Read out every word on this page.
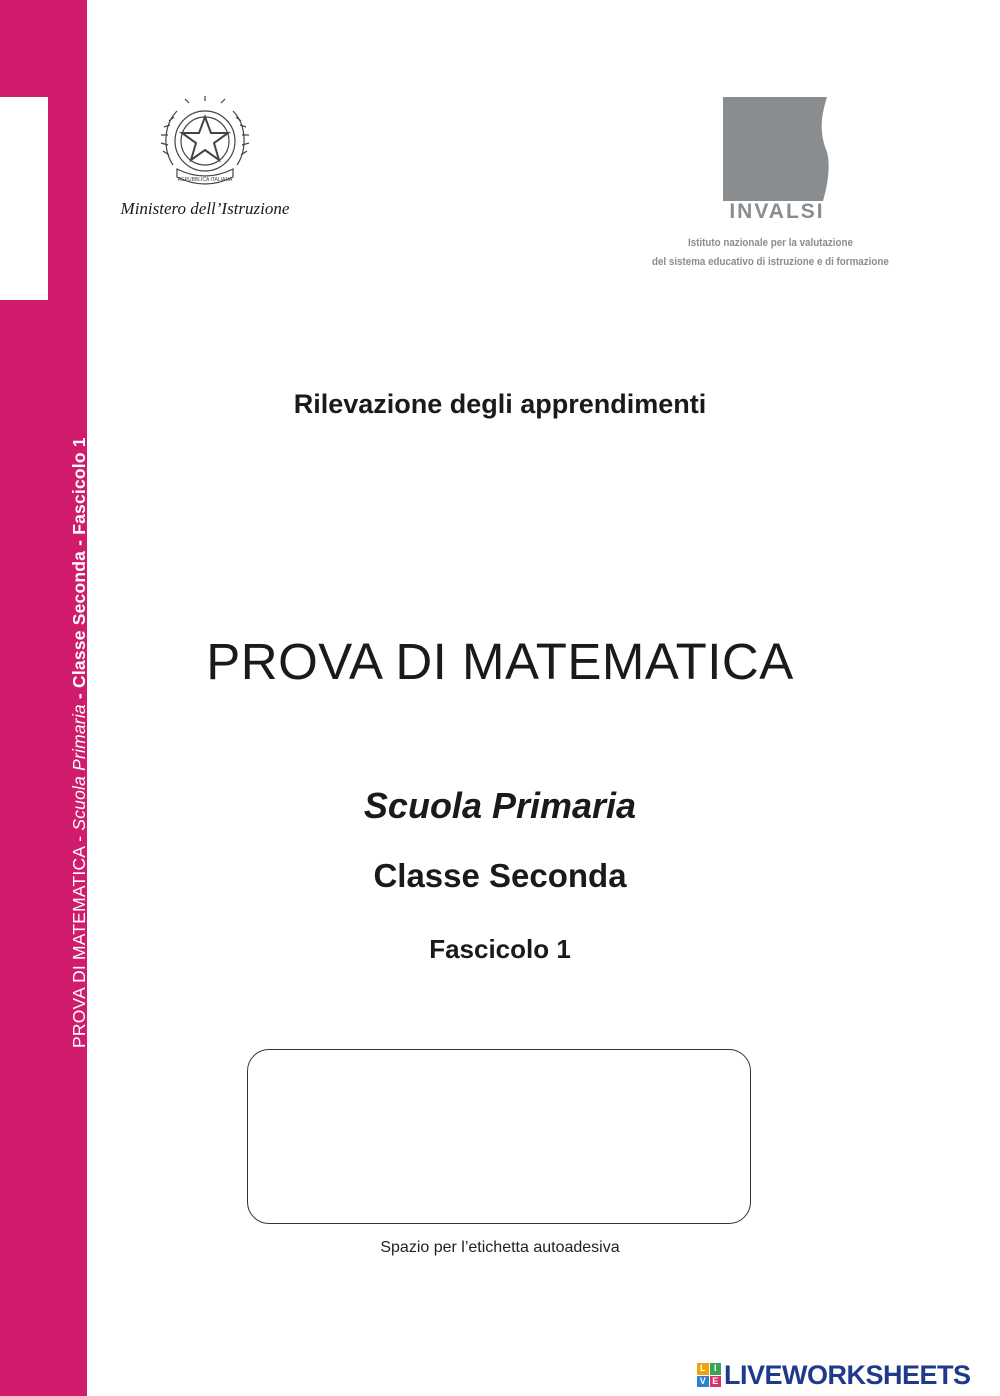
PROVA DI MATEMATICA - Scuola Primaria - Classe Seconda - Fascicolo 1
REPUBBLICA ITALIANA
Ministero dell’Istruzione	INVALSI
Istituto nazionale per la valutazione
del sistema educativo di istruzione e di formazione
Rilevazione degli apprendimenti
PROVA DI MATEMATICA
Scuola Primaria
Classe Seconda
Fascicolo 1
Spazio per l’etichetta autoadesiva
L I
V E LIVEWORKSHEETS
